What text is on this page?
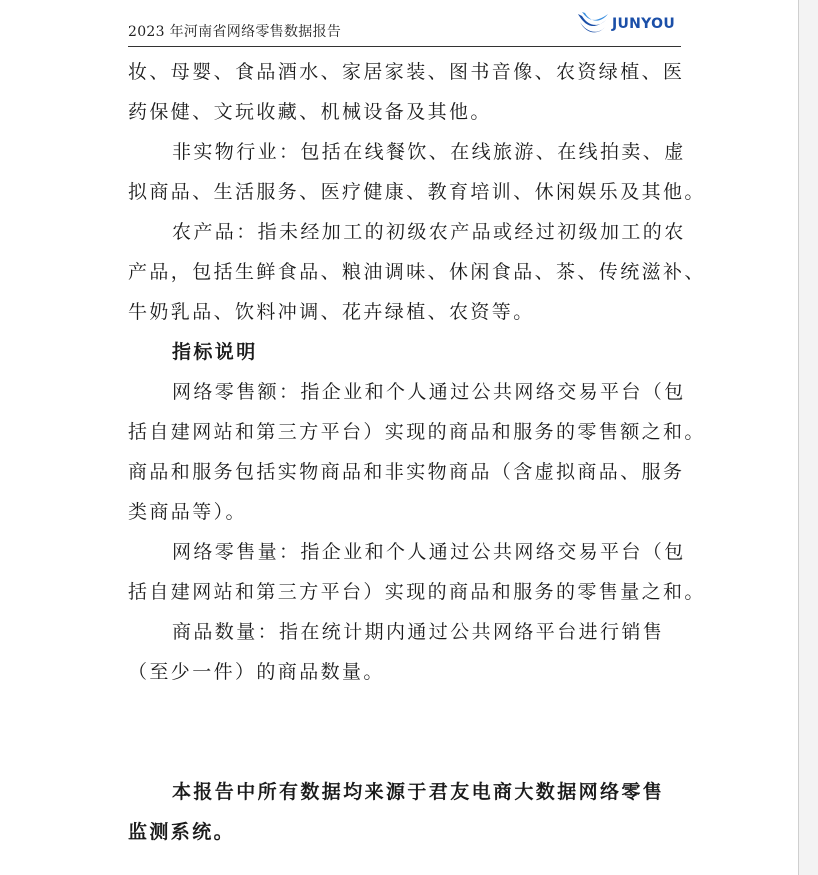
2023 年河南省网络零售数据报告	JUNYOU
妆、母婴、食品酒水、家居家装、图书音像、农资绿植、医
药保健、文玩收藏、机械设备及其他。
非实物行业：包括在线餐饮、在线旅游、在线拍卖、虚
拟商品、生活服务、医疗健康、教育培训、休闲娱乐及其他。
农产品：指未经加工的初级农产品或经过初级加工的农
产品，包括生鲜食品、粮油调味、休闲食品、茶、传统滋补、
牛奶乳品、饮料冲调、花卉绿植、农资等。
指标说明
网络零售额：指企业和个人通过公共网络交易平台（包
括自建网站和第三方平台）实现的商品和服务的零售额之和。
商品和服务包括实物商品和非实物商品（含虚拟商品、服务
类商品等）。
网络零售量：指企业和个人通过公共网络交易平台（包
括自建网站和第三方平台）实现的商品和服务的零售量之和。
商品数量：指在统计期内通过公共网络平台进行销售
（至少一件）的商品数量。
本报告中所有数据均来源于君友电商大数据网络零售
监测系统。
